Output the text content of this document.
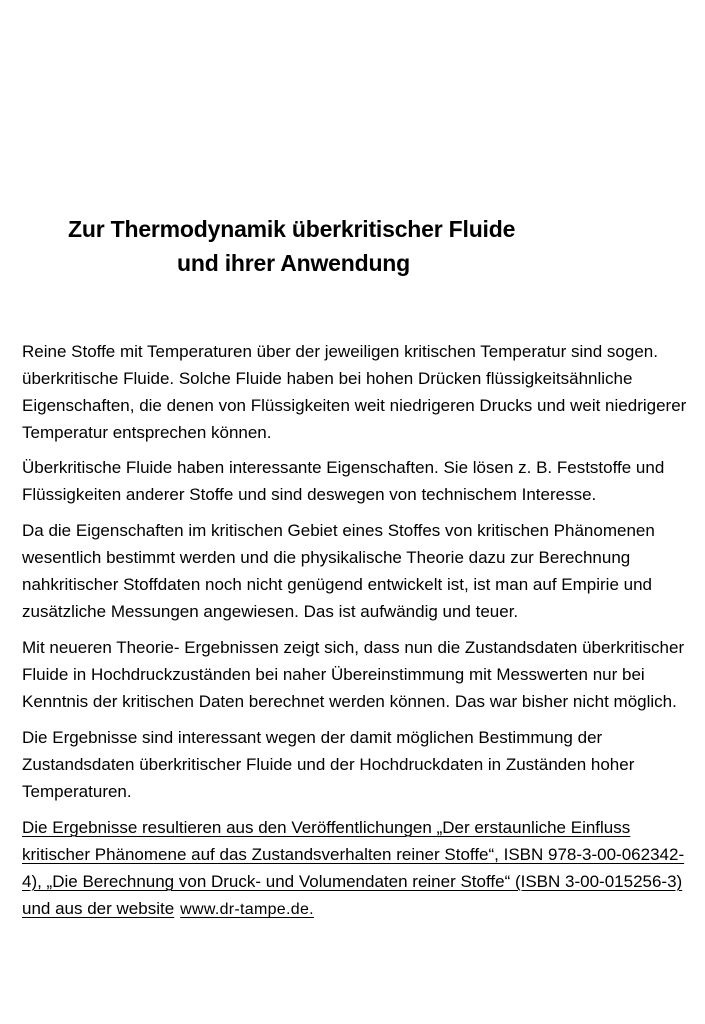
Zur Thermodynamik überkritischer Fluide
und ihrer Anwendung

Reine Stoffe mit Temperaturen über der jeweiligen kritischen Temperatur sind sogen. überkritische Fluide. Solche Fluide haben bei hohen Drücken flüssigkeitsähnliche Eigenschaften, die denen von Flüssigkeiten weit niedrigeren Drucks und weit niedrigerer Temperatur entsprechen können.

Überkritische Fluide haben interessante Eigenschaften. Sie lösen z. B. Feststoffe und Flüssigkeiten anderer Stoffe und sind deswegen von technischem Interesse.

Da die Eigenschaften im kritischen Gebiet eines Stoffes von kritischen Phänomenen wesentlich bestimmt werden und die physikalische Theorie dazu zur Berechnung nahkritischer Stoffdaten noch nicht genügend entwickelt ist, ist man auf Empirie und zusätzliche Messungen angewiesen. Das ist aufwändig und teuer.

Mit neueren Theorie- Ergebnissen zeigt sich, dass nun die Zustandsdaten überkritischer Fluide in Hochdruckzuständen bei naher Übereinstimmung mit Messwerten nur bei Kenntnis der kritischen Daten berechnet werden können. Das war bisher nicht möglich.

Die Ergebnisse sind interessant wegen der damit möglichen Bestimmung der Zustandsdaten überkritischer Fluide und der Hochdruckdaten in Zuständen hoher Temperaturen.

Die Ergebnisse resultieren aus den Veröffentlichungen „Der erstaunliche Einfluss kritischer Phänomene auf das Zustandsverhalten reiner Stoffe“, ISBN 978-3-00-062342-4), „Die Berechnung von Druck- und Volumendaten reiner Stoffe“ (ISBN 3-00-015256-3) und aus der website www.dr-tampe.de.
